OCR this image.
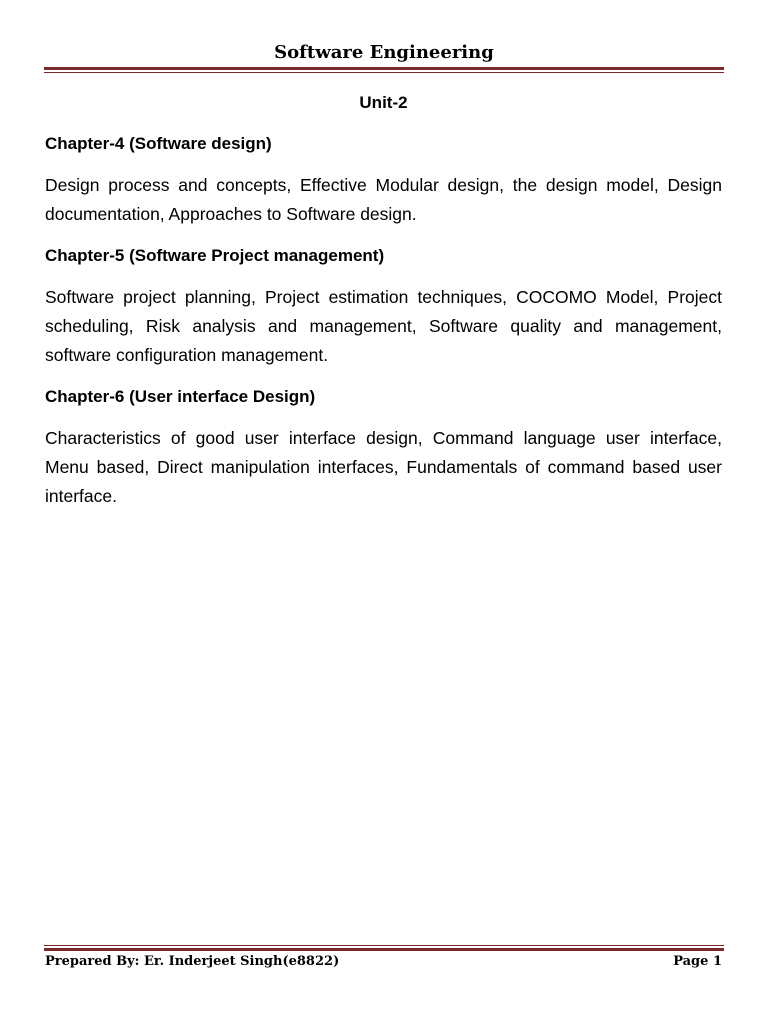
Software Engineering
Unit-2
Chapter-4 (Software design)
Design process and concepts, Effective Modular design, the design model, Design documentation, Approaches to Software design.
Chapter-5 (Software Project management)
Software project planning, Project estimation techniques, COCOMO Model, Project scheduling, Risk analysis and management, Software quality and management, software configuration management.
Chapter-6 (User interface Design)
Characteristics of good user interface design, Command language user interface, Menu based, Direct manipulation interfaces, Fundamentals of command based user interface.
Prepared By: Er. Inderjeet Singh(e8822)	Page 1
